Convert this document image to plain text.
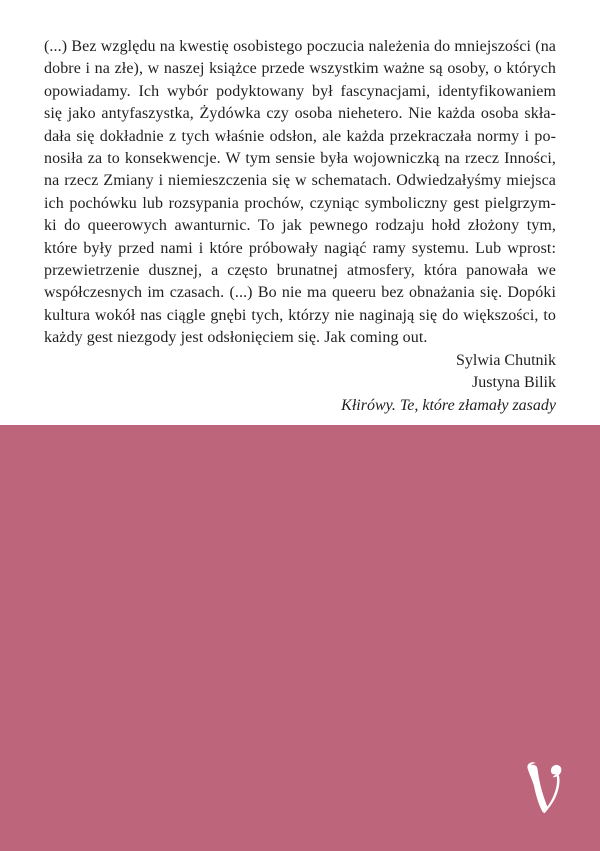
(...) Bez względu na kwestię osobistego poczucia należenia do mniejszości (na
dobre i na złe), w naszej książce przede wszystkim ważne są osoby, o których
opowiadamy. Ich wybór podyktowany był fascynacjami, identyfikowaniem
się jako antyfaszystka, Żydówka czy osoba niehetero. Nie każda osoba skła-
dała się dokładnie z tych właśnie odsłon, ale każda przekraczała normy i po-
nosiła za to konsekwencje. W tym sensie była wojowniczką na rzecz Inności,
na rzecz Zmiany i niemieszczenia się w schematach. Odwiedzałyśmy miejsca
ich pochówku lub rozsypania prochów, czyniąc symboliczny gest pielgrzym-
ki do queerowych awanturnic. To jak pewnego rodzaju hołd złożony tym,
które były przed nami i które próbowały nagiąć ramy systemu. Lub wprost:
przewietrzenie dusznej, a często brunatnej atmosfery, która panowała we
współczesnych im czasach. (...) Bo nie ma queeru bez obnażania się. Dopóki
kultura wokół nas ciągle gnębi tych, którzy nie naginają się do większości, to
każdy gest niezgody jest odsłonięciem się. Jak coming out.
Sylwia Chutnik
Justyna Bilik
Kłirówy. Te, które złamały zasady
